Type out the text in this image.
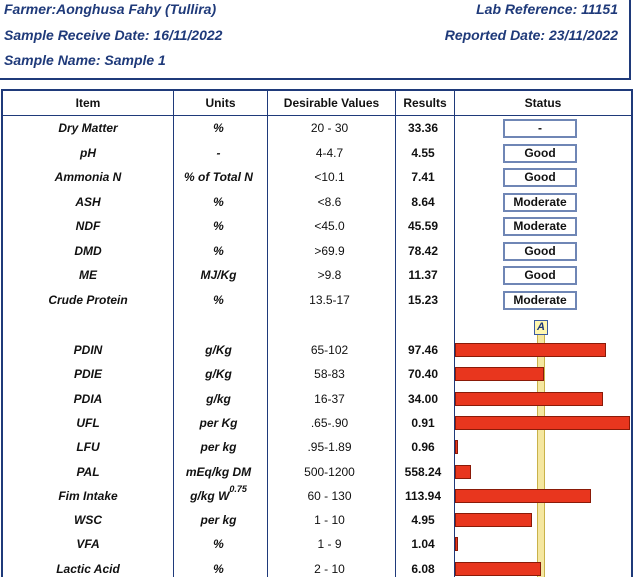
Farmer:Aonghusa Fahy (Tullira)	Lab Reference: 11151
Sample Receive Date: 16/11/2022	Reported Date: 23/11/2022
Sample Name: Sample 1
Item	Units	Desirable Values	Results	Status
A
Dry Matter	%	20 - 30	33.36	-
pH	-	4-4.7	4.55	Good
Ammonia N	% of Total N	<10.1	7.41	Good
ASH	%	<8.6	8.64	Moderate
NDF	%	<45.0	45.59	Moderate
DMD	%	>69.9	78.42	Good
ME	MJ/Kg	>9.8	11.37	Good
Crude Protein	%	13.5-17	15.23	Moderate
PDIN	g/Kg	65-102	97.46
PDIE	g/Kg	58-83	70.40
PDIA	g/kg	16-37	34.00
UFL	per Kg	.65-.90	0.91
LFU	per kg	.95-1.89	0.96
PAL	mEq/kg DM	500-1200	558.24
Fim Intake	g/kg $W^{0.75}$	60 - 130	113.94
WSC	per kg	1 - 10	4.95
VFA	%	1 - 9	1.04
Lactic Acid	%	2 - 10	6.08
